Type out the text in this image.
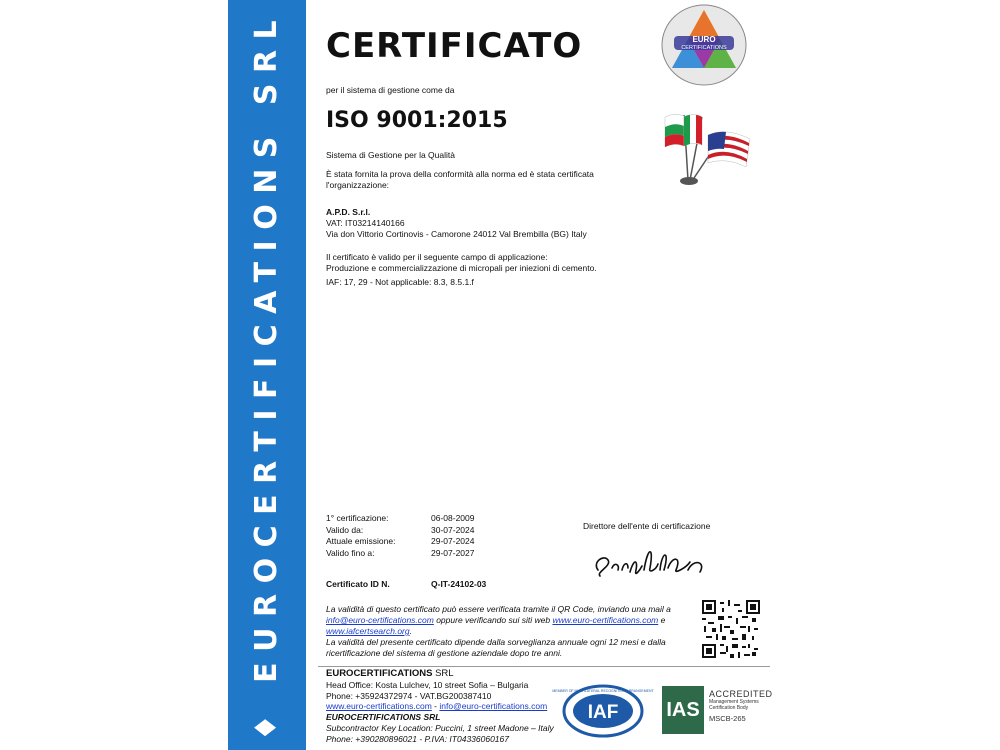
♦ EUROCERTIFICATIONS SRL CERTIFICATO
per il sistema di gestione come da
ISO 9001:2015
Sistema di Gestione per la Qualità
È stata fornita la prova della conformità alla norma ed è stata certificata
l'organizzazione:
A.P.D. S.r.l.
VAT: IT03214140166
Via don Vittorio Cortinovis - Camorone 24012 Val Brembilla (BG) Italy
Il certificato è valido per il seguente campo di applicazione:
Produzione e commercializzazione di micropali per iniezioni di cemento.
IAF: 17, 29 - Not applicable: 8.3, 8.5.1.f
EURO
CERTIFICATIONS
1° certificazione:	06-08-2009
Valido da:	30-07-2024
Attuale emissione:	29-07-2024
Valido fino a:	29-07-2027
Certificato ID N.	Q-IT-24102-03
Direttore dell'ente di certificazione
Sergio Belotti
La validità di questo certificato può essere verificata tramite il QR Code, inviando una mail a
info@euro-certifications.com oppure verificando sui siti web www.euro-certifications.com e
www.iafcertsearch.org.
La validità del presente certificato dipende dalla sorveglianza annuale ogni 12 mesi e dalla
ricertificazione del sistema di gestione aziendale dopo tre anni.
EUROCERTIFICATIONS SRL
Head Office: Kosta Lulchev, 10 street Sofia – Bulgaria
Phone: +35924372974 - VAT.BG200387410
www.euro-certifications.com - info@euro-certifications.com
EUROCERTIFICATIONS SRL
Subcontractor Key Location: Puccini, 1 street Madone – Italy
Phone: +390280896021 - P.IVA: IT04336060167
MEMBER OF MULTILATERAL RECOGNITION ARRANGEMENT
IAF IAS
ACCREDITED
Management Systems
Certification Body
MSCB-265
